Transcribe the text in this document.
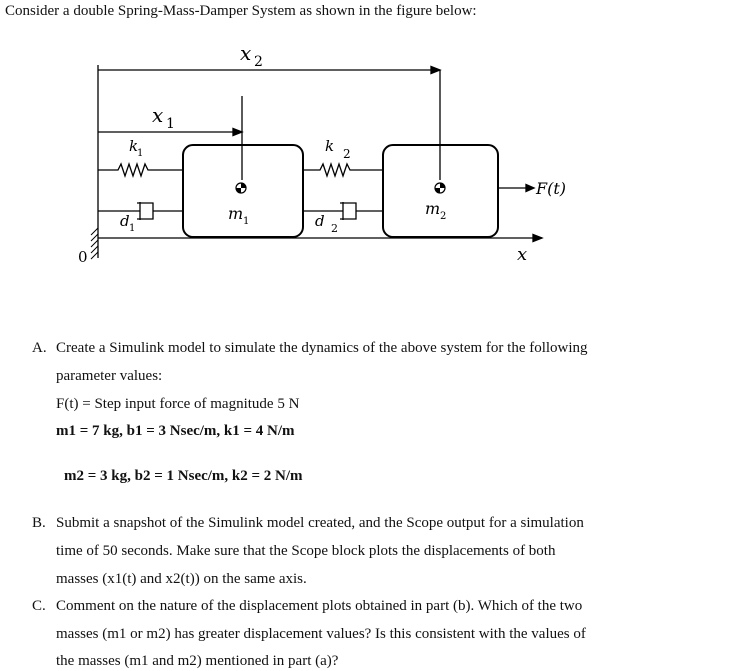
Consider a double Spring-Mass-Damper System as shown in the figure below:
x 2
x 1
k
1	k 2
d 1	d 2
m 1
m 2
F(t)
x
0
A. Create a Simulink model to simulate the dynamics of the above system for the following
parameter values:
F(t) = Step input force of magnitude 5 N
m1 = 7 kg, b1 = 3 Nsec/m, k1 = 4 N/m
m2 = 3 kg, b2 = 1 Nsec/m, k2 = 2 N/m
B. Submit a snapshot of the Simulink model created, and the Scope output for a simulation
time of 50 seconds. Make sure that the Scope block plots the displacements of both
masses (x1(t) and x2(t)) on the same axis.
C. Comment on the nature of the displacement plots obtained in part (b). Which of the two
masses (m1 or m2) has greater displacement values? Is this consistent with the values of
the masses (m1 and m2) mentioned in part (a)?
